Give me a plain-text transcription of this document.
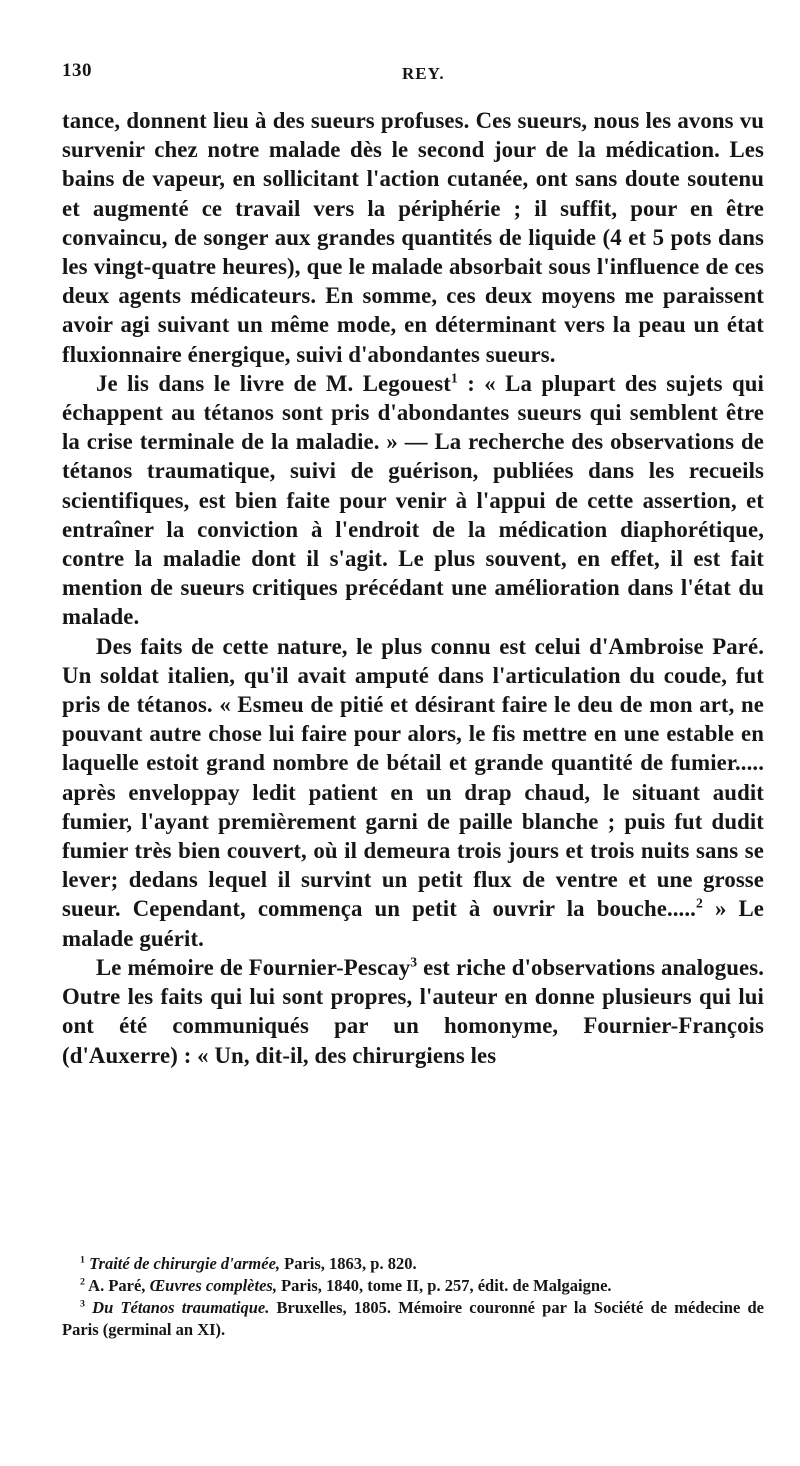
130	REY.

tance, donnent lieu à des sueurs profuses. Ces sueurs, nous les avons vu survenir chez notre malade dès le second jour de la médication. Les bains de vapeur, en sollicitant l'action cutanée, ont sans doute soutenu et augmenté ce travail vers la périphérie ; il suffit, pour en être convaincu, de songer aux grandes quantités de liquide (4 et 5 pots dans les vingt-quatre heures), que le malade absorbait sous l'influence de ces deux agents médicateurs. En somme, ces deux moyens me paraissent avoir agi suivant un même mode, en déterminant vers la peau un état fluxionnaire énergique, suivi d'abondantes sueurs.

Je lis dans le livre de M. Legouest$^1$ : « La plupart des sujets qui échappent au tétanos sont pris d'abondantes sueurs qui semblent être la crise terminale de la maladie. » — La recherche des observations de tétanos traumatique, suivi de guérison, publiées dans les recueils scientifiques, est bien faite pour venir à l'appui de cette assertion, et entraîner la conviction à l'endroit de la médication diaphorétique, contre la maladie dont il s'agit. Le plus souvent, en effet, il est fait mention de sueurs critiques précédant une amélioration dans l'état du malade.

Des faits de cette nature, le plus connu est celui d'Ambroise Paré. Un soldat italien, qu'il avait amputé dans l'articulation du coude, fut pris de tétanos. « Esmeu de pitié et désirant faire le deu de mon art, ne pouvant autre chose lui faire pour alors, le fis mettre en une estable en laquelle estoit grand nombre de bétail et grande quantité de fumier..... après enveloppay ledit patient en un drap chaud, le situant audit fumier, l'ayant premièrement garni de paille blanche ; puis fut dudit fumier très bien couvert, où il demeura trois jours et trois nuits sans se lever; dedans lequel il survint un petit flux de ventre et une grosse sueur. Cependant, commença un petit à ouvrir la bouche.....$^2$ » Le malade guérit.

Le mémoire de Fournier-Pescay$^3$ est riche d'observations analogues. Outre les faits qui lui sont propres, l'auteur en donne plusieurs qui lui ont été communiqués par un homonyme, Fournier-François (d'Auxerre) : « Un, dit-il, des chirurgiens les

$^1$ Traité de chirurgie d'armée, Paris, 1863, p. 820.

$^2$ A. Paré, Œuvres complètes, Paris, 1840, tome II, p. 257, édit. de Malgaigne.

$^3$ Du Tétanos traumatique. Bruxelles, 1805. Mémoire couronné par la Société de médecine de Paris (germinal an XI).
